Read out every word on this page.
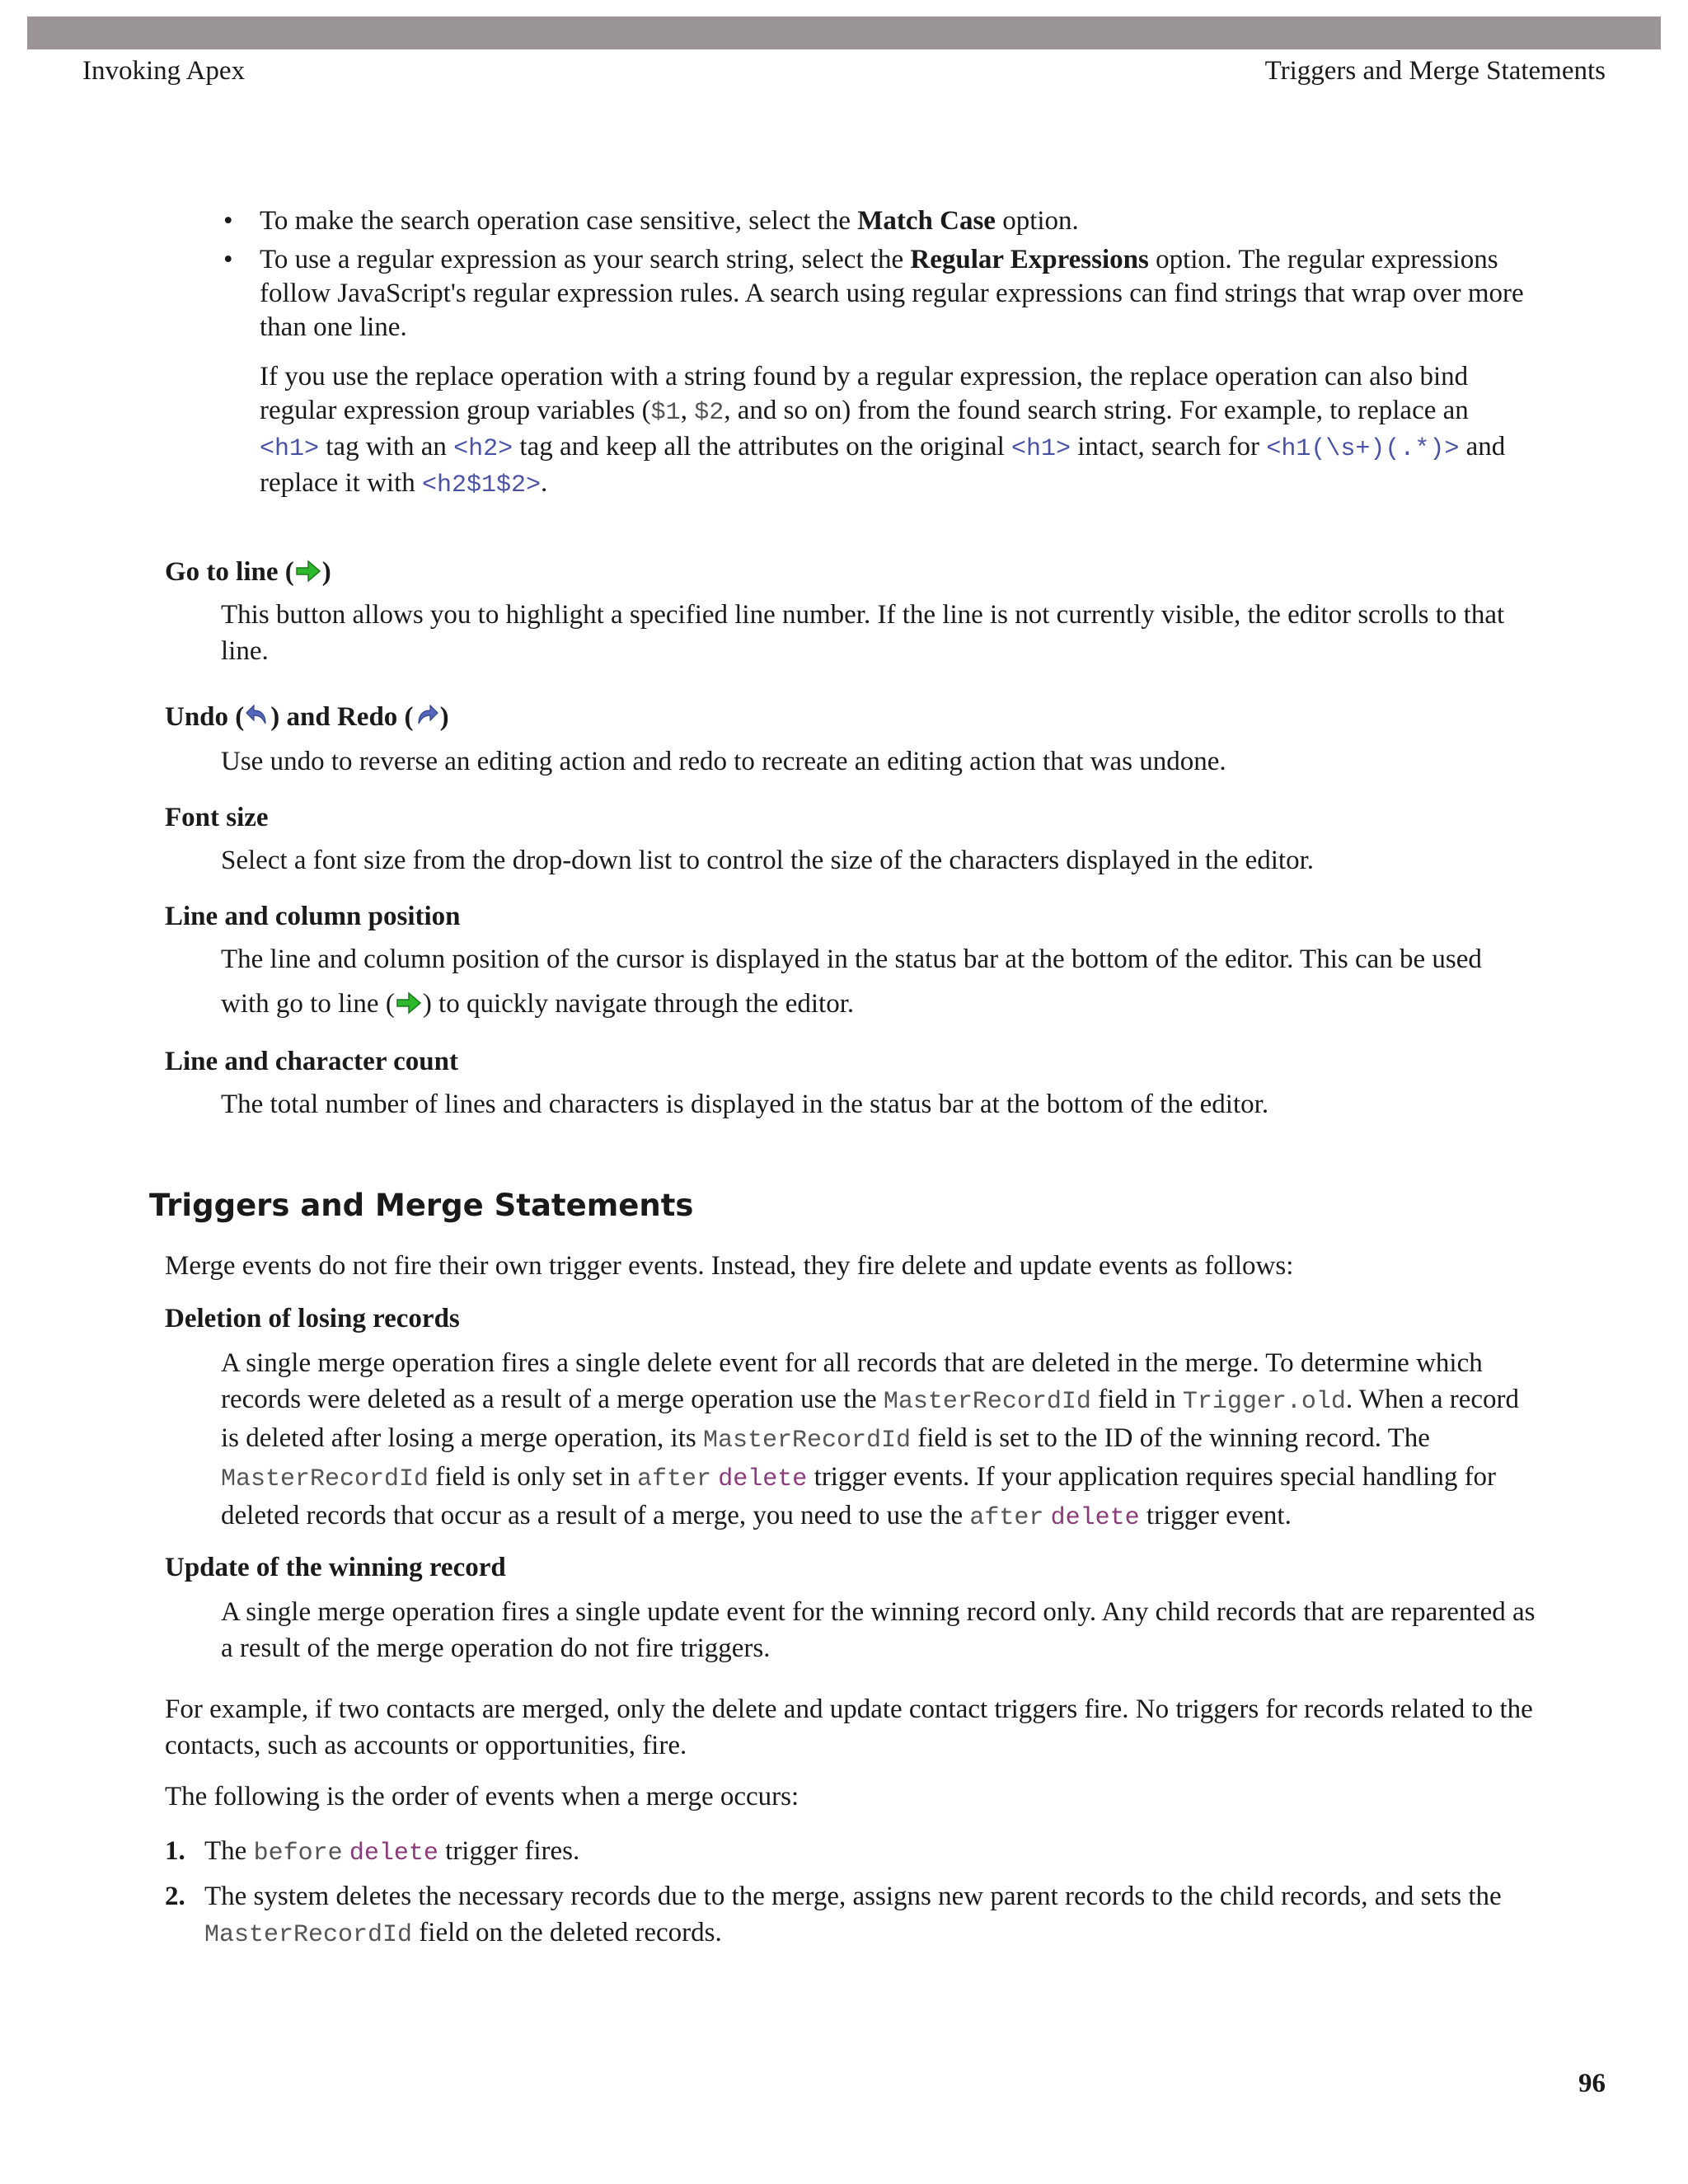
Invoking Apex	Triggers and Merge Statements
• To make the search operation case sensitive, select the Match Case option.
• To use a regular expression as your search string, select the Regular Expressions option. The regular expressions follow JavaScript's regular expression rules. A search using regular expressions can find strings that wrap over more than one line.

If you use the replace operation with a string found by a regular expression, the replace operation can also bind regular expression group variables ($1, $2, and so on) from the found search string. For example, to replace an <h1> tag with an <h2> tag and keep all the attributes on the original <h1> intact, search for <h1(\s+)(.*)> and replace it with <h2$1$2>.

Go to line ( )
This button allows you to highlight a specified line number. If the line is not currently visible, the editor scrolls to that line.
Undo ( ) and Redo ( )
Use undo to reverse an editing action and redo to recreate an editing action that was undone.
Font size
Select a font size from the drop-down list to control the size of the characters displayed in the editor.
Line and column position
The line and column position of the cursor is displayed in the status bar at the bottom of the editor. This can be used
with go to line ( ) to quickly navigate through the editor.
Line and character count
The total number of lines and characters is displayed in the status bar at the bottom of the editor.
Triggers and Merge Statements
Merge events do not fire their own trigger events. Instead, they fire delete and update events as follows:
Deletion of losing records
A single merge operation fires a single delete event for all records that are deleted in the merge. To determine which records were deleted as a result of a merge operation use the MasterRecordId field in Trigger.old. When a record is deleted after losing a merge operation, its MasterRecordId field is set to the ID of the winning record. The MasterRecordId field is only set in after delete trigger events. If your application requires special handling for deleted records that occur as a result of a merge, you need to use the after delete trigger event.
Update of the winning record
A single merge operation fires a single update event for the winning record only. Any child records that are reparented as a result of the merge operation do not fire triggers.
For example, if two contacts are merged, only the delete and update contact triggers fire. No triggers for records related to the contacts, such as accounts or opportunities, fire.
The following is the order of events when a merge occurs:
1. The before delete trigger fires.
2. The system deletes the necessary records due to the merge, assigns new parent records to the child records, and sets the MasterRecordId field on the deleted records.
96
